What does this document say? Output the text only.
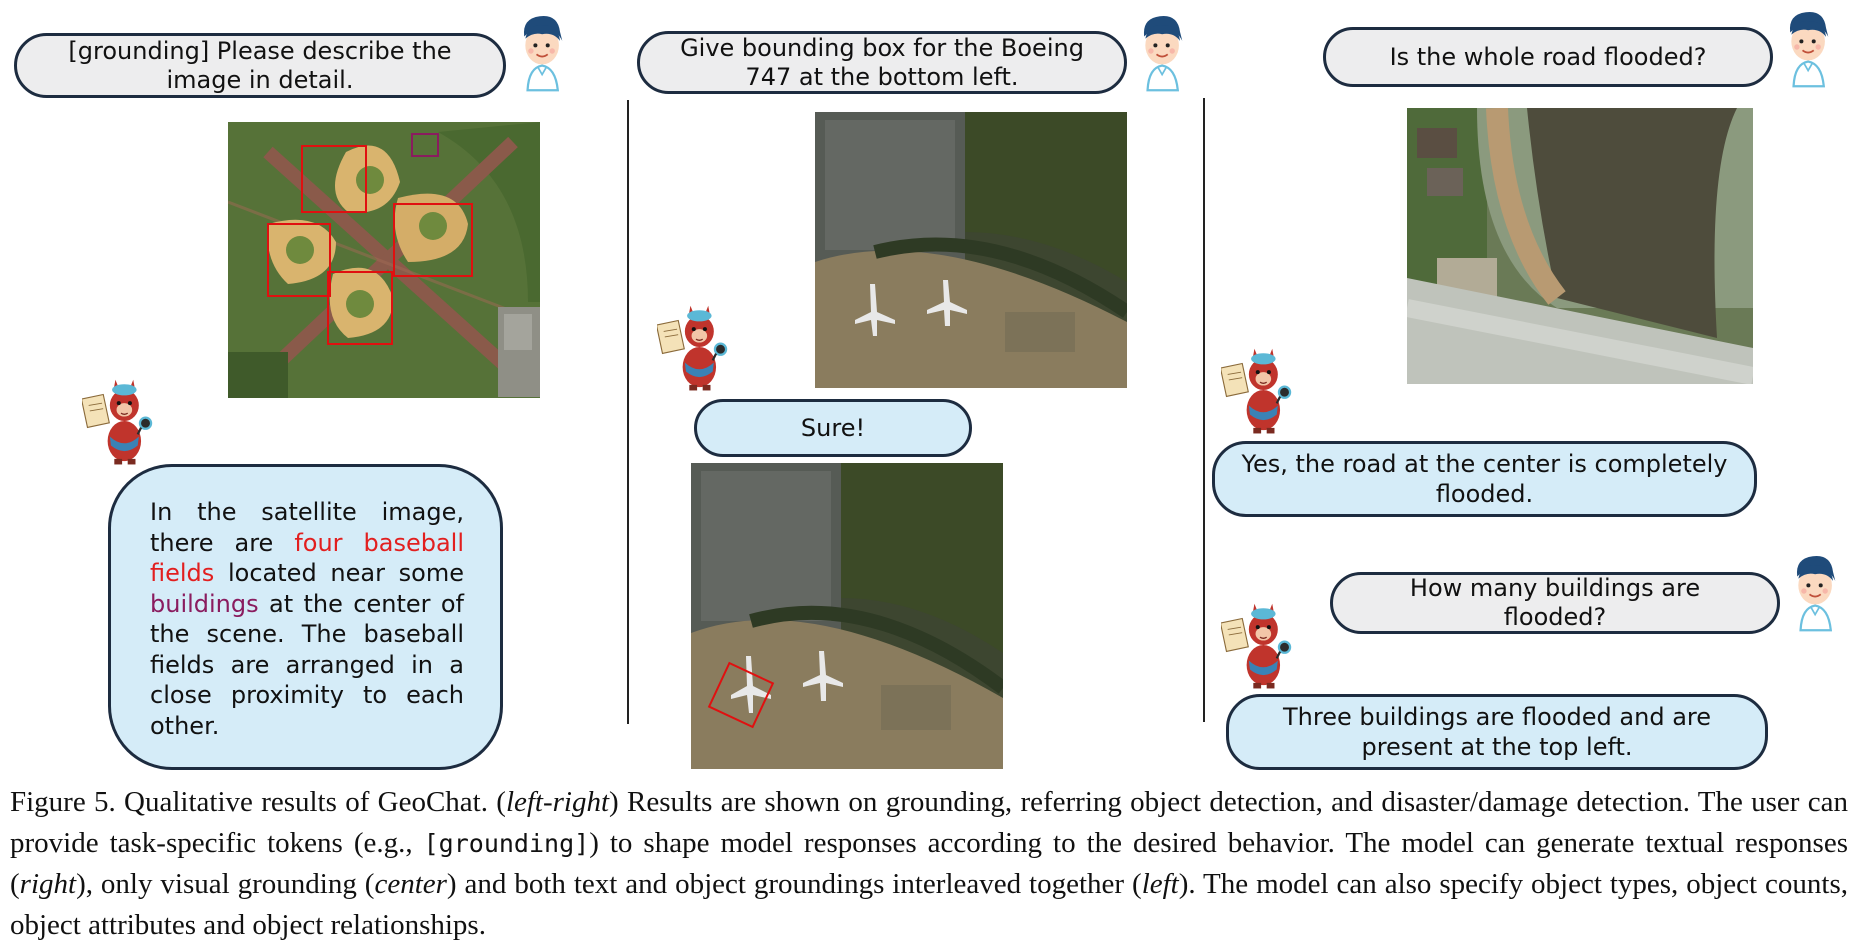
[grounding] Please describe the image in detail.
In the satellite image, there are four baseball fields located near some buildings at the center of the scene. The baseball fields are arranged in a close proximity to each other.
Give bounding box for the Boeing 747 at the bottom left.
Sure!
Is the whole road flooded?
Yes, the road at the center is completely flooded.
How many buildings are flooded?
Three buildings are flooded and are present at the top left.
Figure 5. Qualitative results of GeoChat. (left-right) Results are shown on grounding, referring object detection, and disaster/damage detection. The user can provide task-specific tokens (e.g., [grounding]) to shape model responses according to the desired behavior. The model can generate textual responses (right), only visual grounding (center) and both text and object groundings interleaved together (left). The model can also specify object types, object counts, object attributes and object relationships.
